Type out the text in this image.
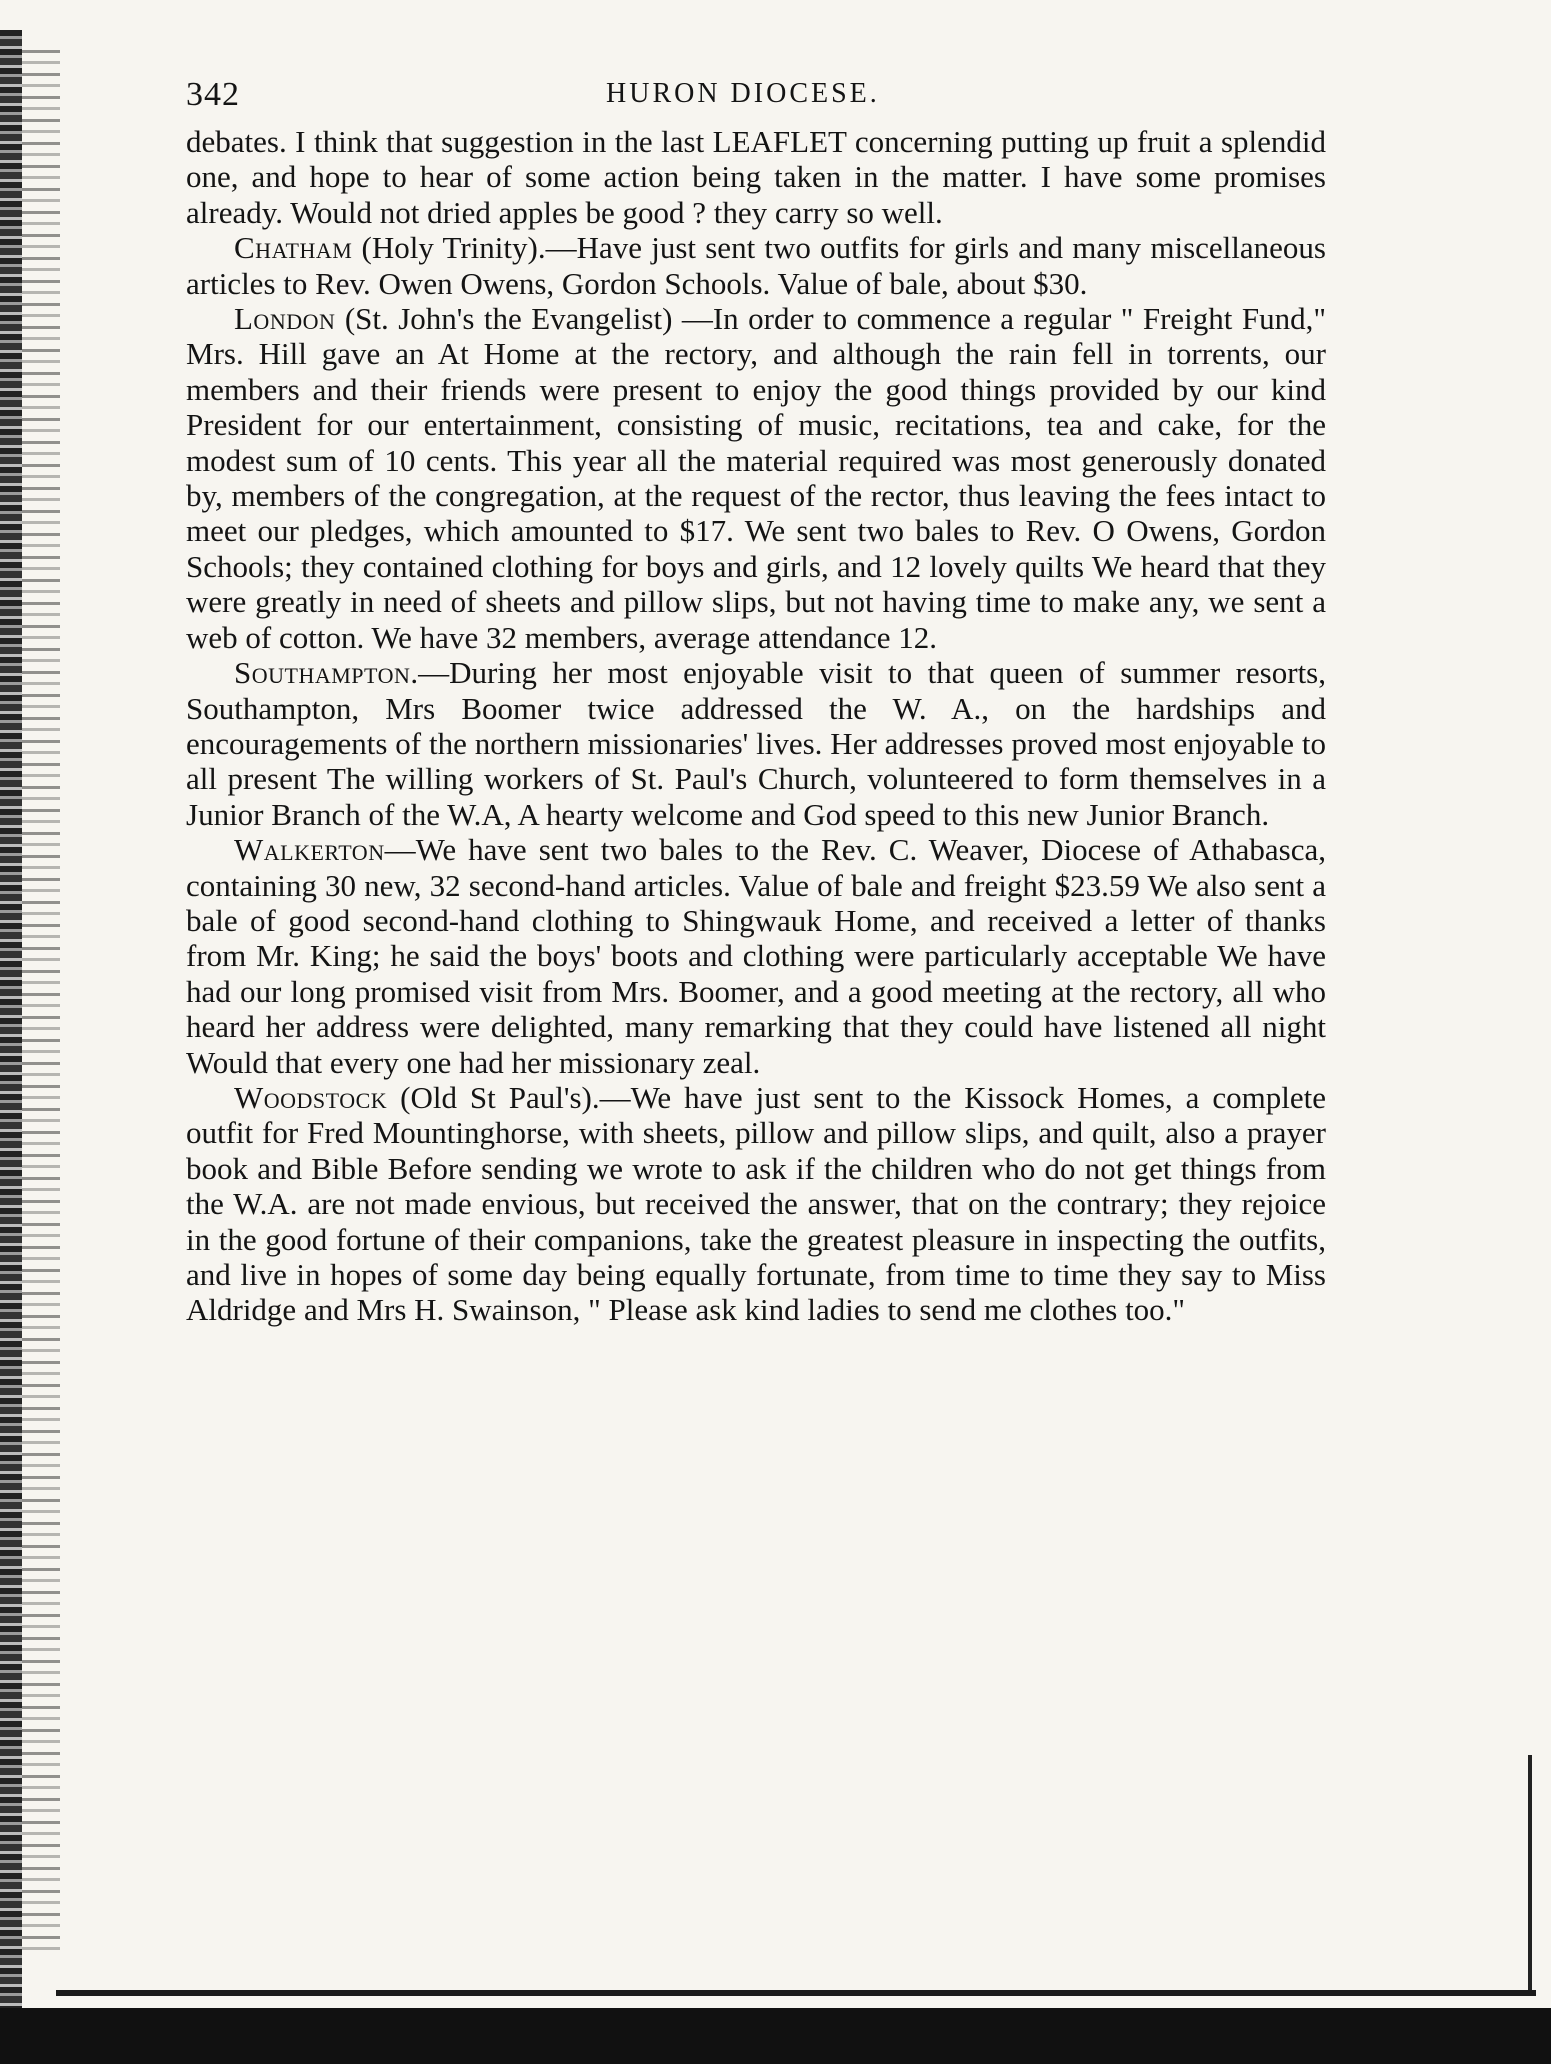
342	HURON DIOCESE.

debates. I think that suggestion in the last LEAFLET concerning putting up fruit a splendid one, and hope to hear of some action being taken in the matter. I have some promises already. Would not dried apples be good ? they carry so well.

Chatham (Holy Trinity).—Have just sent two outfits for girls and many miscellaneous articles to Rev. Owen Owens, Gordon Schools. Value of bale, about $30.

London (St. John's the Evangelist) —In order to commence a regular " Freight Fund," Mrs. Hill gave an At Home at the rectory, and although the rain fell in torrents, our members and their friends were present to enjoy the good things provided by our kind President for our entertainment, consisting of music, recitations, tea and cake, for the modest sum of 10 cents. This year all the material required was most generously donated by, members of the congregation, at the request of the rector, thus leaving the fees intact to meet our pledges, which amounted to $17. We sent two bales to Rev. O Owens, Gordon Schools; they contained clothing for boys and girls, and 12 lovely quilts We heard that they were greatly in need of sheets and pillow slips, but not having time to make any, we sent a web of cotton. We have 32 members, average attendance 12.

Southampton.—During her most enjoyable visit to that queen of summer resorts, Southampton, Mrs Boomer twice addressed the W. A., on the hardships and encouragements of the northern missionaries' lives. Her addresses proved most enjoyable to all present The willing workers of St. Paul's Church, volunteered to form themselves in a Junior Branch of the W.A, A hearty welcome and God speed to this new Junior Branch.

Walkerton—We have sent two bales to the Rev. C. Weaver, Diocese of Athabasca, containing 30 new, 32 second-hand articles. Value of bale and freight $23.59 We also sent a bale of good second-hand clothing to Shingwauk Home, and received a letter of thanks from Mr. King; he said the boys' boots and clothing were particularly acceptable We have had our long promised visit from Mrs. Boomer, and a good meeting at the rectory, all who heard her address were delighted, many remarking that they could have listened all night Would that every one had her missionary zeal.

Woodstock (Old St Paul's).—We have just sent to the Kissock Homes, a complete outfit for Fred Mountinghorse, with sheets, pillow and pillow slips, and quilt, also a prayer book and Bible Before sending we wrote to ask if the children who do not get things from the W.A. are not made envious, but received the answer, that on the contrary; they rejoice in the good fortune of their companions, take the greatest pleasure in inspecting the outfits, and live in hopes of some day being equally fortunate, from time to time they say to Miss Aldridge and Mrs H. Swainson, " Please ask kind ladies to send me clothes too."
